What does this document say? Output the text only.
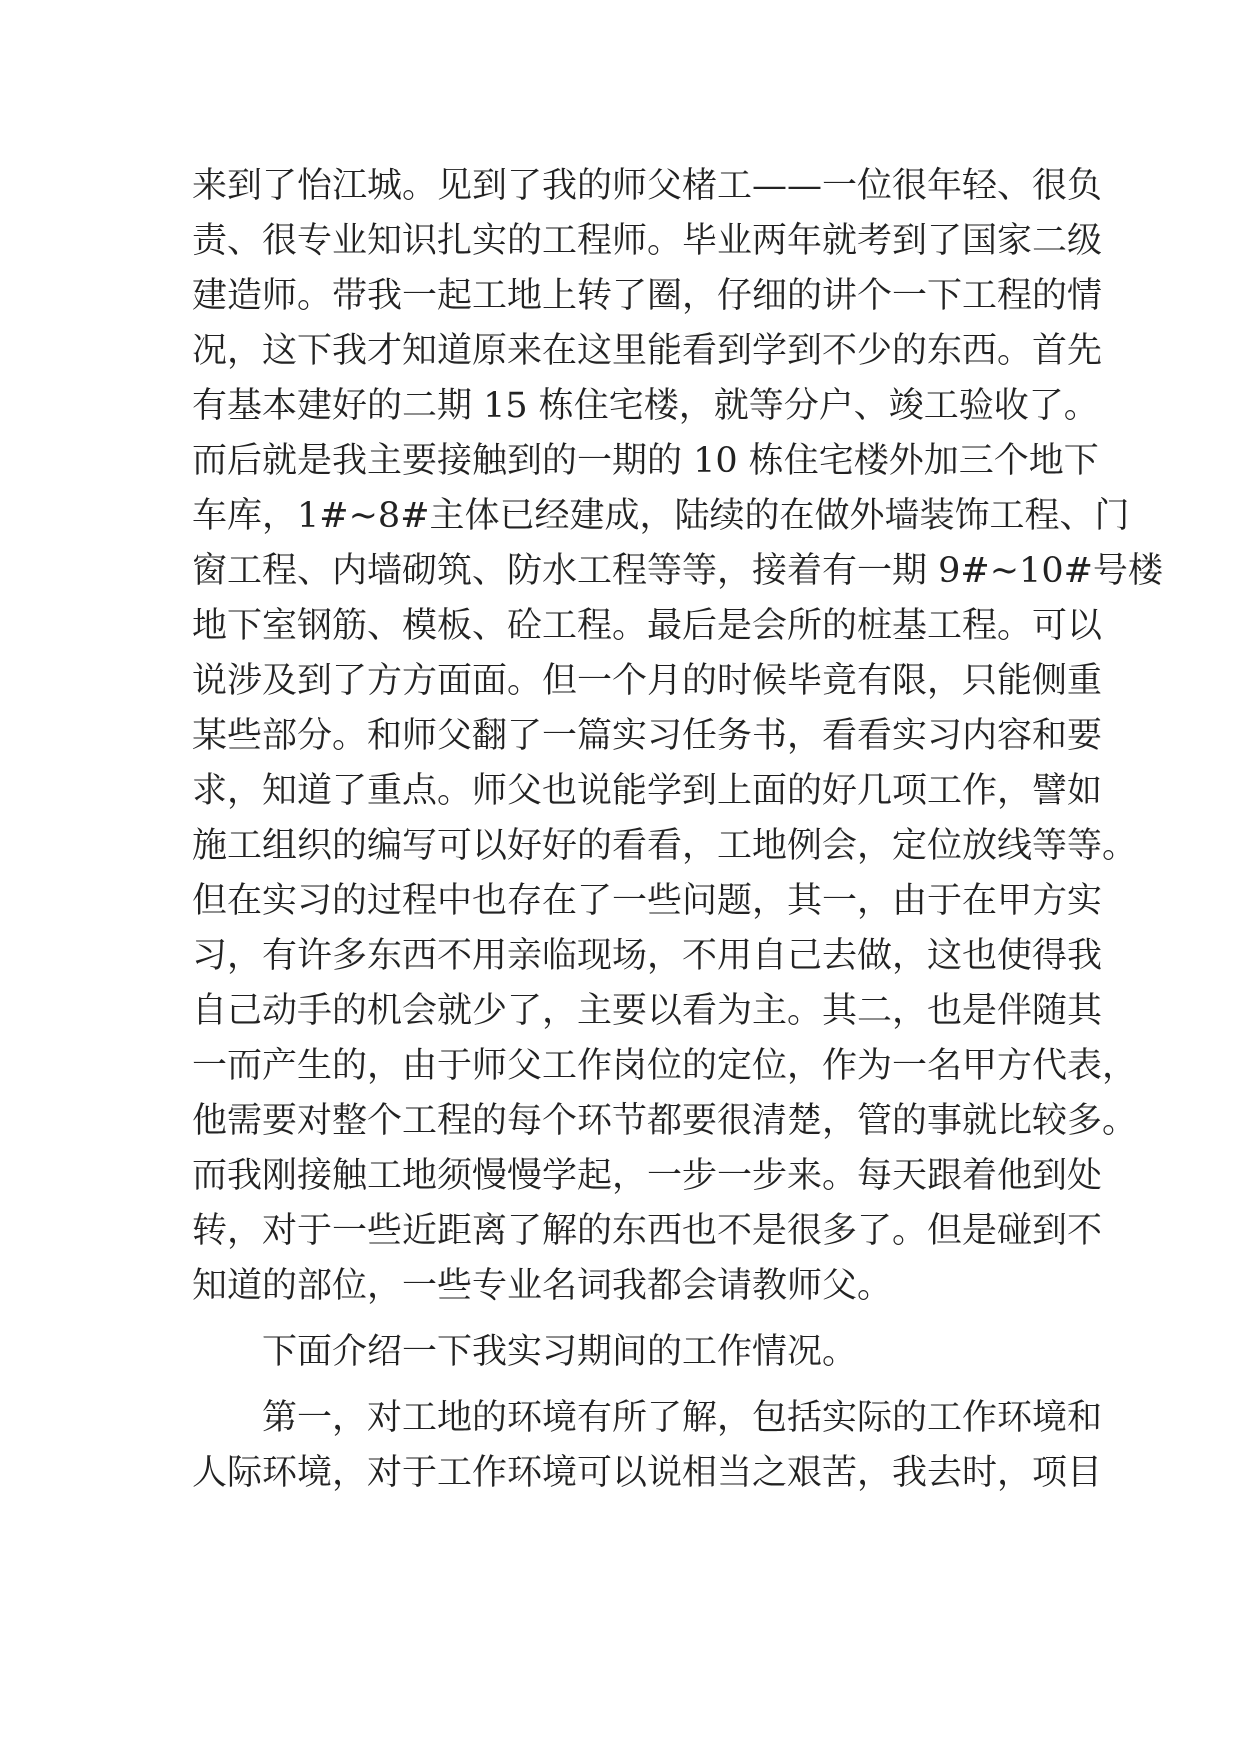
来到了怡江城。见到了我的师父楮工——一位很年轻、很负
责、很专业知识扎实的工程师。毕业两年就考到了国家二级
建造师。带我一起工地上转了圈，仔细的讲个一下工程的情
况，这下我才知道原来在这里能看到学到不少的东西。首先
有基本建好的二期 15 栋住宅楼，就等分户、竣工验收了。
而后就是我主要接触到的一期的 10 栋住宅楼外加三个地下
车库，1#~8#主体已经建成，陆续的在做外墙装饰工程、门
窗工程、内墙砌筑、防水工程等等，接着有一期 9#~10#号楼
地下室钢筋、模板、砼工程。最后是会所的桩基工程。可以
说涉及到了方方面面。但一个月的时候毕竟有限，只能侧重
某些部分。和师父翻了一篇实习任务书，看看实习内容和要
求，知道了重点。师父也说能学到上面的好几项工作，譬如
施工组织的编写可以好好的看看，工地例会，定位放线等等。
但在实习的过程中也存在了一些问题，其一，由于在甲方实
习，有许多东西不用亲临现场，不用自己去做，这也使得我
自己动手的机会就少了，主要以看为主。其二，也是伴随其
一而产生的，由于师父工作岗位的定位，作为一名甲方代表，
他需要对整个工程的每个环节都要很清楚，管的事就比较多。
而我刚接触工地须慢慢学起，一步一步来。每天跟着他到处
转，对于一些近距离了解的东西也不是很多了。但是碰到不
知道的部位，一些专业名词我都会请教师父。
下面介绍一下我实习期间的工作情况。
第一，对工地的环境有所了解，包括实际的工作环境和
人际环境，对于工作环境可以说相当之艰苦，我去时，项目
